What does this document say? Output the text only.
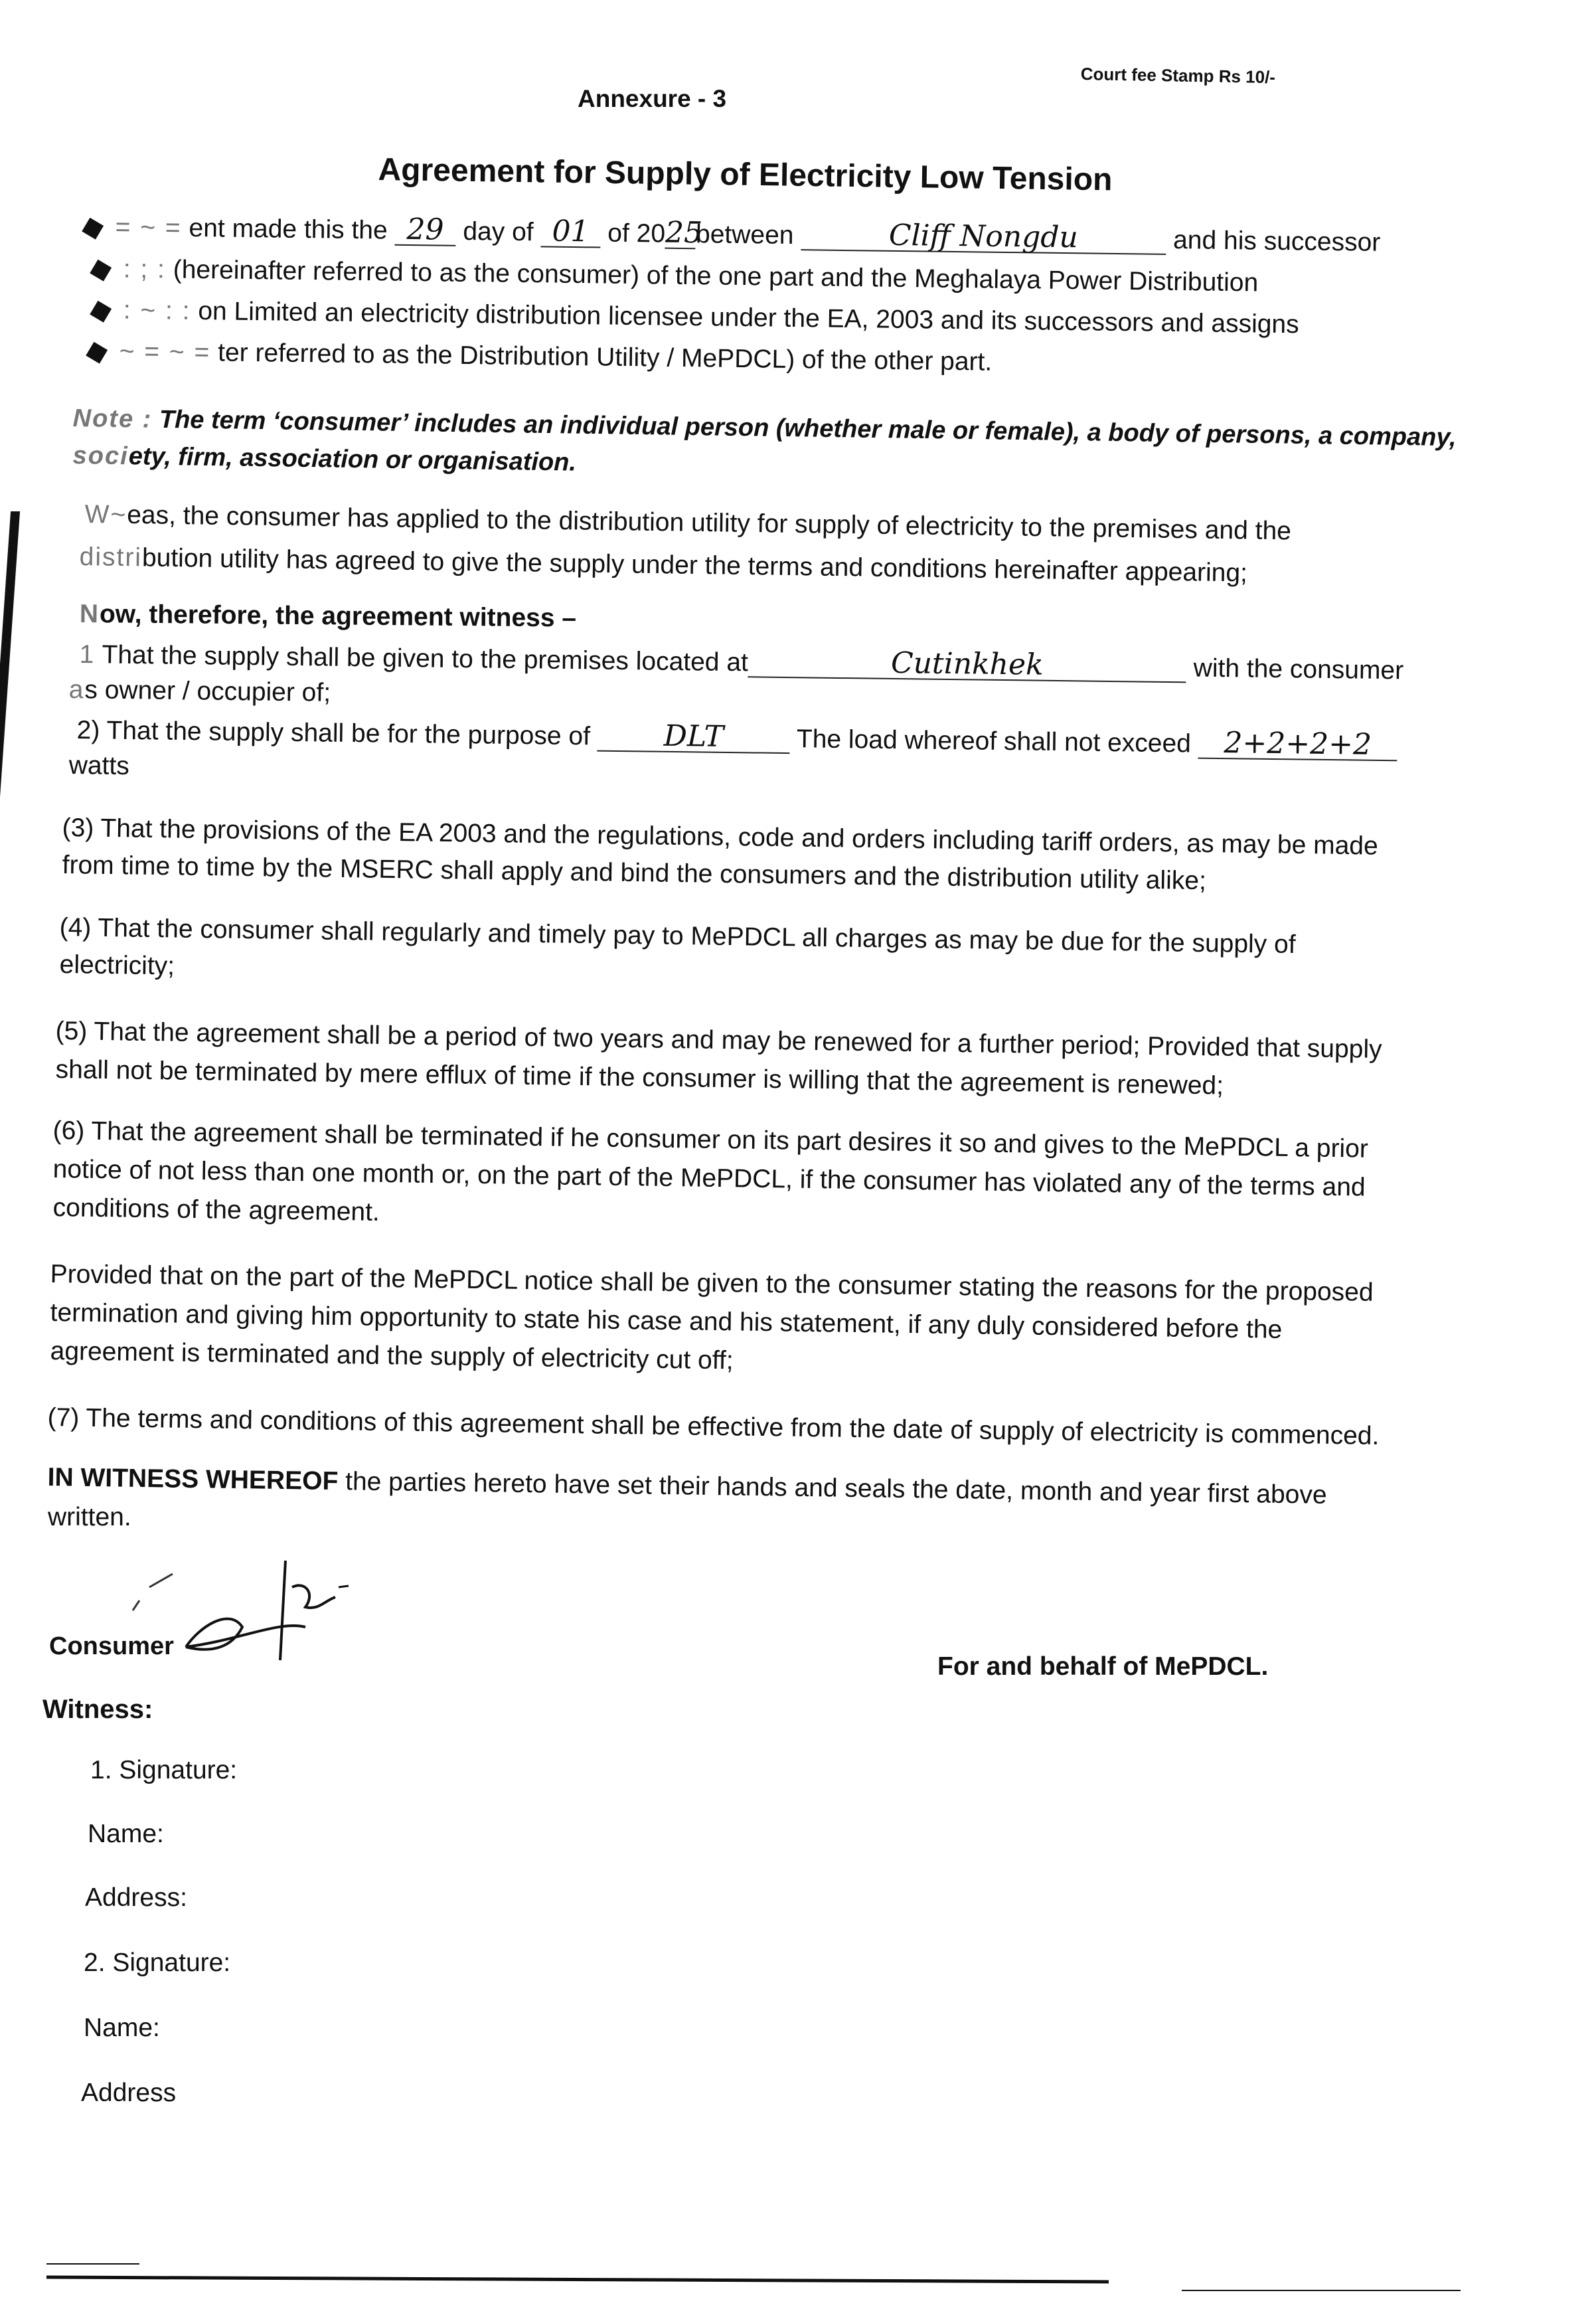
Court fee Stamp Rs 10/-
Annexure - 3
Agreement for Supply of Electricity Low Tension
= ~ = ent made this the 29 day of 01 of 2025between	Cliff Nongdu	and his successor
: ; : (hereinafter referred to as the consumer) of the one part and the Meghalaya Power Distribution
: ~ : : on Limited an electricity distribution licensee under the EA, 2003 and its successors and assigns
~ = ~ = ter referred to as the Distribution Utility / MePDCL) of the other part.
Note : The term ‘consumer’ includes an individual person (whether male or female), a body of persons, a company,
society, firm, association or organisation.
W~eas, the consumer has applied to the distribution utility for supply of electricity to the premises and the
distribution utility has agreed to give the supply under the terms and conditions hereinafter appearing;
Now, therefore, the agreement witness –
1 That the supply shall be given to the premises located at	Cutinkhek	with the consumer
as owner / occupier of;
2) That the supply shall be for the purpose of	DLT	The load whereof shall not exceed 2+2+2+2
watts
(3) That the provisions of the EA 2003 and the regulations, code and orders including tariff orders, as may be made
from time to time by the MSERC shall apply and bind the consumers and the distribution utility alike;
(4) That the consumer shall regularly and timely pay to MePDCL all charges as may be due for the supply of
electricity;
(5) That the agreement shall be a period of two years and may be renewed for a further period; Provided that supply
shall not be terminated by mere efflux of time if the consumer is willing that the agreement is renewed;
(6) That the agreement shall be terminated if he consumer on its part desires it so and gives to the MePDCL a prior
notice of not less than one month or, on the part of the MePDCL, if the consumer has violated any of the terms and
conditions of the agreement.
Provided that on the part of the MePDCL notice shall be given to the consumer stating the reasons for the proposed
termination and giving him opportunity to state his case and his statement, if any duly considered before the
agreement is terminated and the supply of electricity cut off;
(7) The terms and conditions of this agreement shall be effective from the date of supply of electricity is commenced.
IN WITNESS WHEREOF the parties hereto have set their hands and seals the date, month and year first above
written.
Consumer
For and behalf of MePDCL.
Witness:
1. Signature:
Name:
Address:
2. Signature:
Name:
Address
